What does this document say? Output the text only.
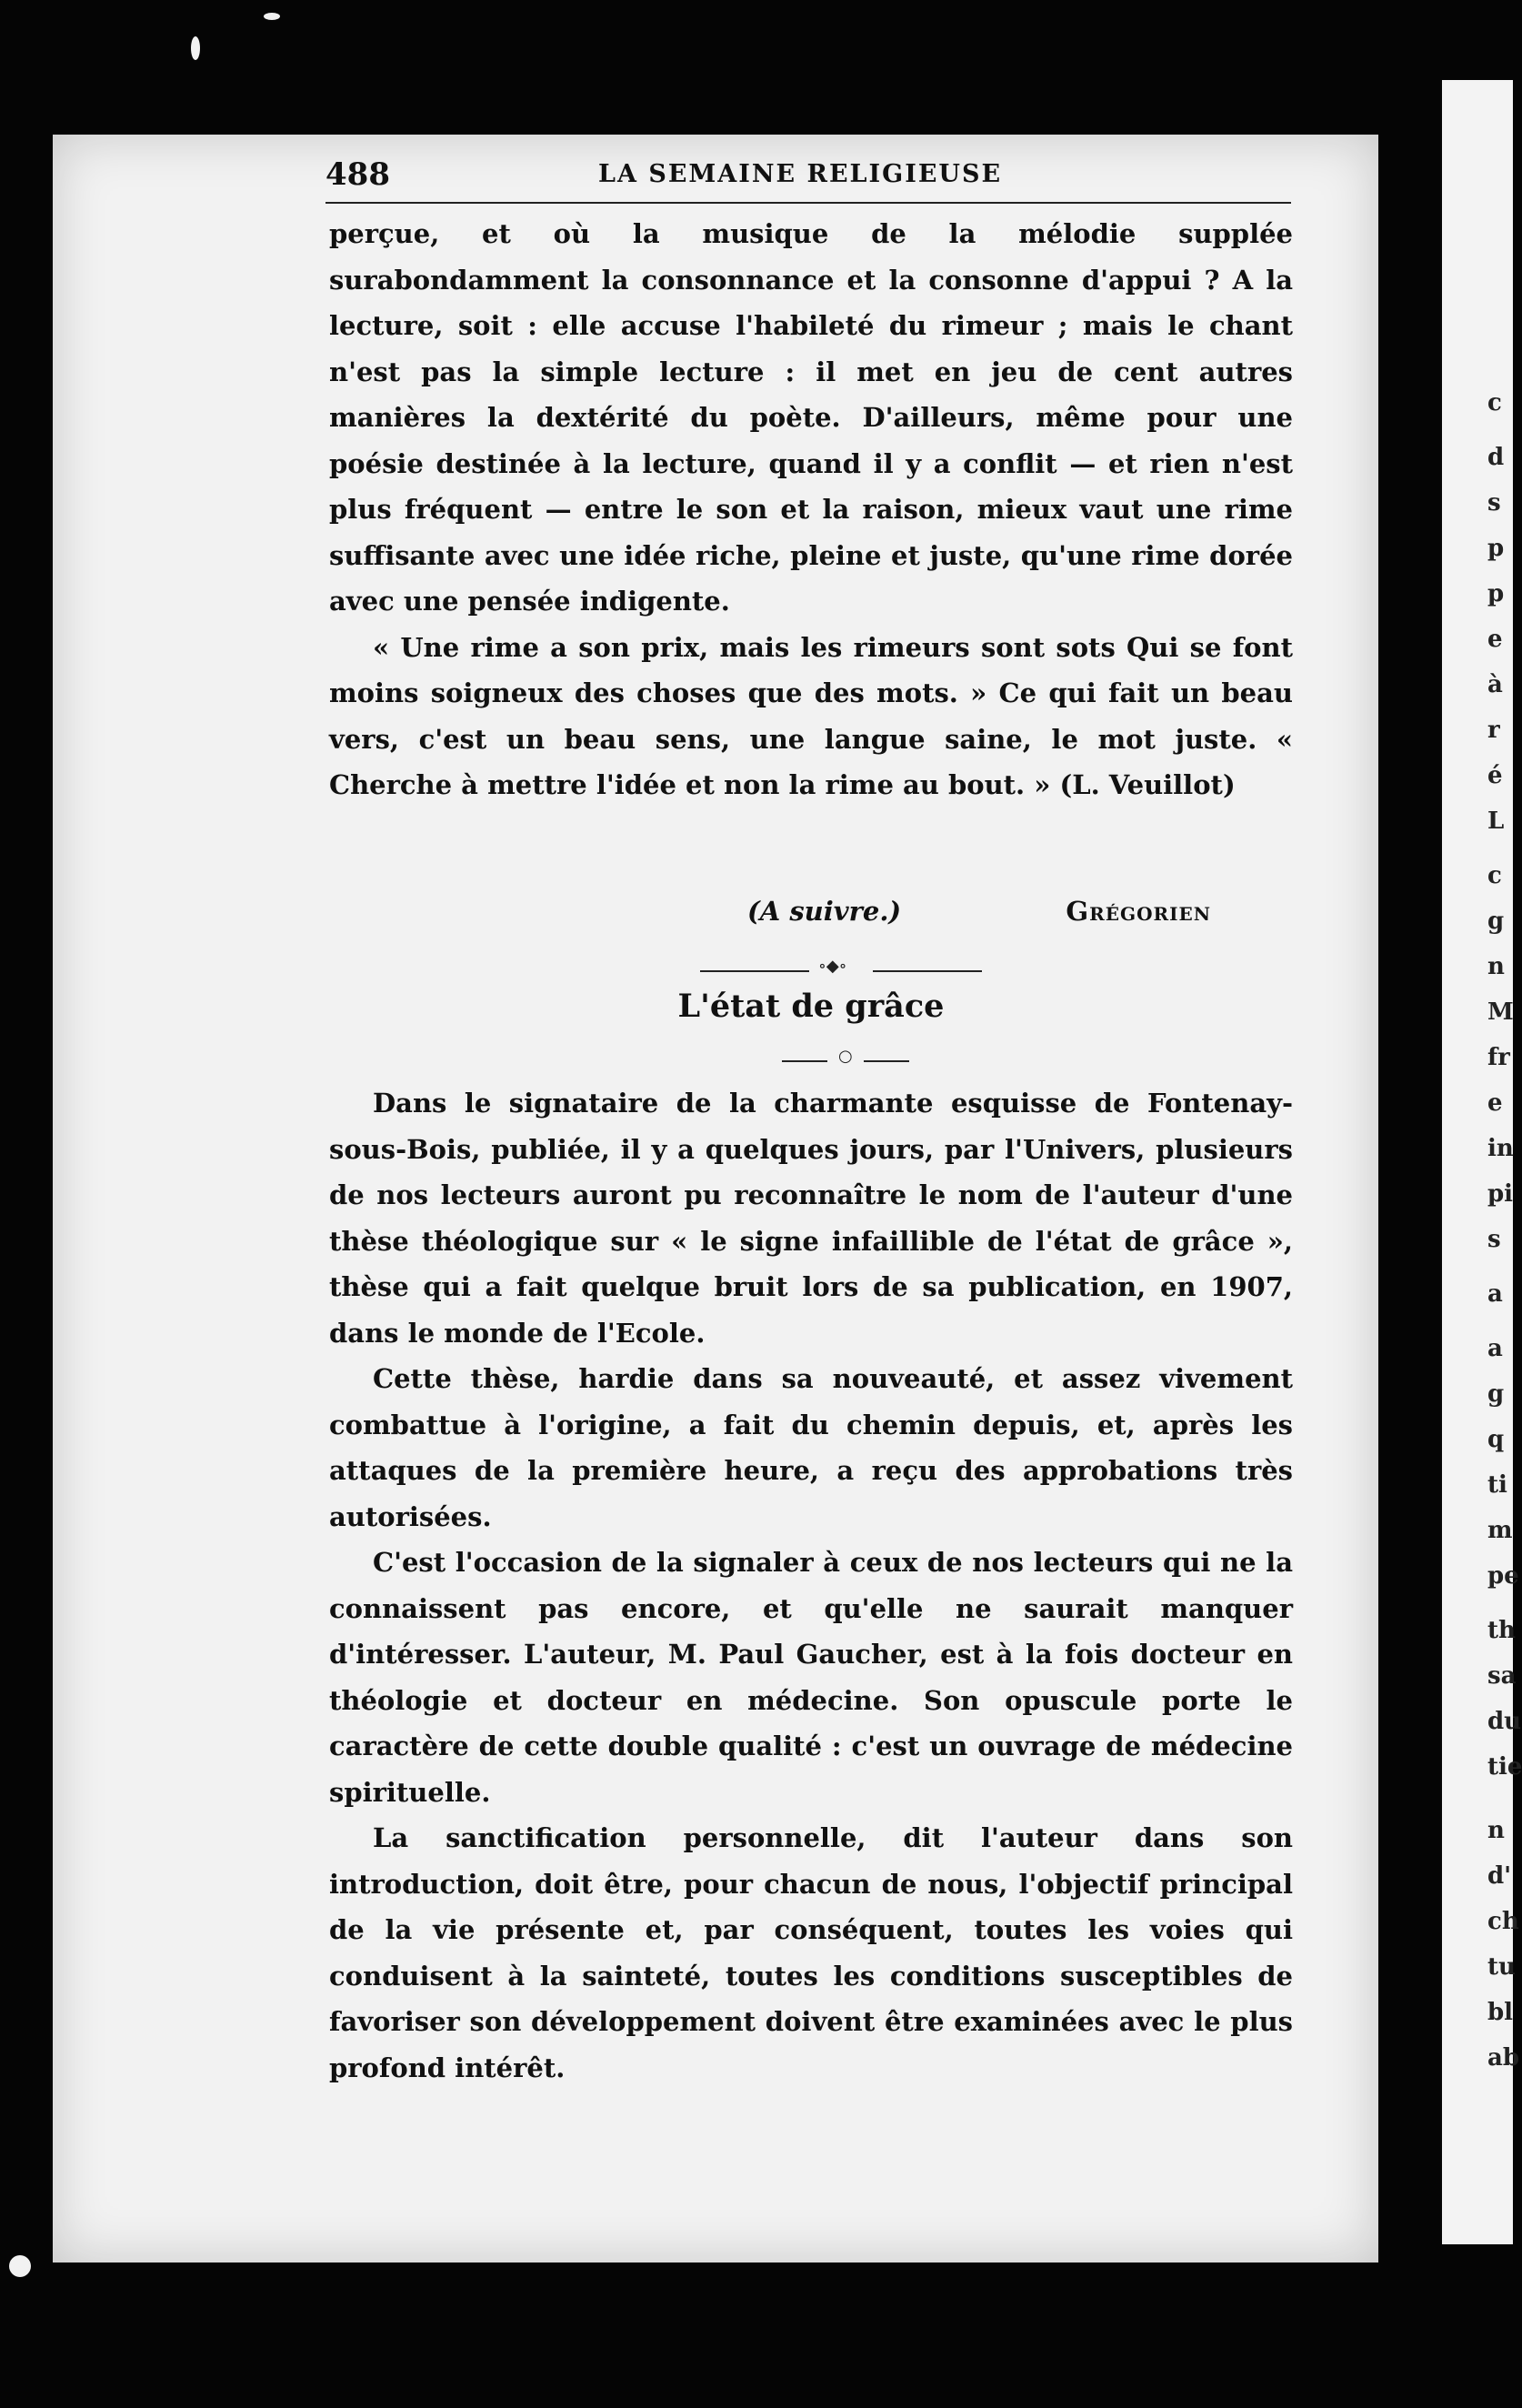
c
d
s
p
p
e
à
r
é
L
c
g
n
M
fr
e
in
pi
s
a
a
g
q
ti
m
pe
th
sa
du
tie
n
d'
ch
tu
bl
ab
488	LA SEMAINE RELIGIEUSE

perçue, et où la musique de la mélodie supplée surabondamment la consonnance et la consonne d'appui ? A la lecture, soit : elle accuse l'habileté du rimeur ; mais le chant n'est pas la simple lecture : il met en jeu de cent autres manières la dextérité du poète. D'ailleurs, même pour une poésie destinée à la lecture, quand il y a conflit — et rien n'est plus fréquent — entre le son et la raison, mieux vaut une rime suffisante avec une idée riche, pleine et juste, qu'une rime dorée avec une pensée indigente.

« Une rime a son prix, mais les rimeurs sont sots Qui se font moins soigneux des choses que des mots. » Ce qui fait un beau vers, c'est un beau sens, une langue saine, le mot juste. « Cherche à mettre l'idée et non la rime au bout. » (L. Veuillot)

(A suivre.)	Grégorien
∘◆∘
L'état de grâce
○

Dans le signataire de la charmante esquisse de Fontenay-sous-Bois, publiée, il y a quelques jours, par l'Univers, plusieurs de nos lecteurs auront pu reconnaître le nom de l'auteur d'une thèse théologique sur « le signe infaillible de l'état de grâce », thèse qui a fait quelque bruit lors de sa publication, en 1907, dans le monde de l'Ecole.

Cette thèse, hardie dans sa nouveauté, et assez vivement combattue à l'origine, a fait du chemin depuis, et, après les attaques de la première heure, a reçu des approbations très autorisées.

C'est l'occasion de la signaler à ceux de nos lecteurs qui ne la connaissent pas encore, et qu'elle ne saurait manquer d'intéresser. L'auteur, M. Paul Gaucher, est à la fois docteur en théologie et docteur en médecine. Son opuscule porte le caractère de cette double qualité : c'est un ouvrage de médecine spirituelle.

La sanctification personnelle, dit l'auteur dans son introduction, doit être, pour chacun de nous, l'objectif principal de la vie présente et, par conséquent, toutes les voies qui conduisent à la sainteté, toutes les conditions susceptibles de favoriser son développement doivent être examinées avec le plus profond intérêt.
